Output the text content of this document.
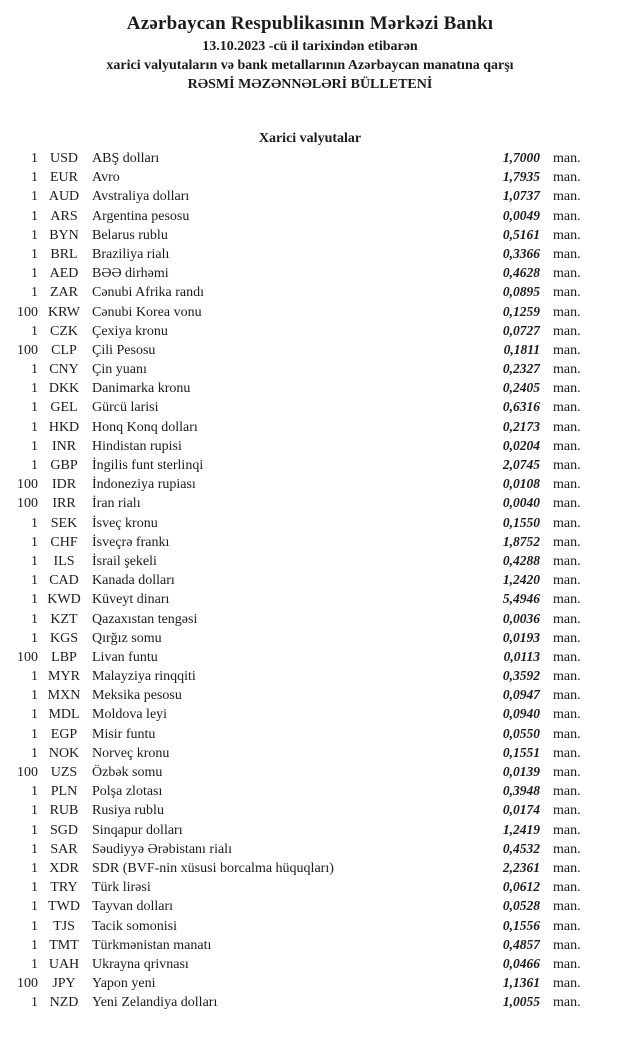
Azərbaycan Respublikasının Mərkəzi Bankı
13.10.2023 -cü il tarixindən etibarən
xarici valyutaların və bank metallarının Azərbaycan manatına qarşı
RƏSMİ MƏZƏNNƏLƏRİ BÜLLETENİ
Xarici valyutalar
1 USD	ABŞ dolları	1,7000 man.
1 EUR	Avro	1,7935 man.
1 AUD Avstraliya dolları	1,0737 man.
1 ARS	Argentina pesosu	0,0049 man.
1 BYN Belarus rublu	0,5161 man.
1 BRL	Braziliya rialı	0,3366 man.
1 AED BƏƏ dirhəmi	0,4628 man.
1 ZAR	Cənubi Afrika randı	0,0895 man.
100 KRW Cənubi Korea vonu	0,1259 man.
1 CZK	Çexiya kronu	0,0727 man.
100 CLP	Çili Pesosu	0,1811 man.
1 CNY Çin yuanı	0,2327 man.
1 DKK Danimarka kronu	0,2405 man.
1 GEL	Gürcü larisi	0,6316 man.
1 HKD Honq Konq dolları	0,2173 man.
1 INR	Hindistan rupisi	0,0204 man.
1 GBP	İngilis funt sterlinqi	2,0745 man.
100 IDR	İndoneziya rupiası	0,0108 man.
100	IRR	İran rialı	0,0040 man.
1 SEK	İsveç kronu	0,1550 man.
1 CHF	İsveçrə frankı	1,8752 man.
1	ILS	İsrail şekeli	0,4288 man.
1 CAD Kanada dolları	1,2420 man.
1 KWD Küveyt dinarı	5,4946 man.
1 KZT	Qazaxıstan tengəsi	0,0036 man.
1 KGS	Qırğız somu	0,0193 man.
100 LBP	Livan funtu	0,0113 man.
1 MYR Malayziya rinqqiti	0,3592 man.
1 MXN Meksika pesosu	0,0947 man.
1 MDL Moldova leyi	0,0940 man.
1 EGP	Misir funtu	0,0550 man.
1 NOK Norveç kronu	0,1551 man.
100 UZS	Özbək somu	0,0139 man.
1 PLN	Polşa zlotası	0,3948 man.
1 RUB Rusiya rublu	0,0174 man.
1 SGD	Sinqapur dolları	1,2419 man.
1 SAR	Səudiyyə Ərəbistanı rialı	0,4532 man.
1 XDR SDR (BVF-nin xüsusi borcalma hüquqları)	2,2361 man.
1 TRY	Türk lirəsi	0,0612 man.
1 TWD Tayvan dolları	0,0528 man.
1	TJS	Tacik somonisi	0,1556 man.
1 TMT Türkmənistan manatı	0,4857 man.
1 UAH Ukrayna qrivnası	0,0466 man.
100	JPY	Yapon yeni	1,1361 man.
1 NZD Yeni Zelandiya dolları	1,0055 man.
